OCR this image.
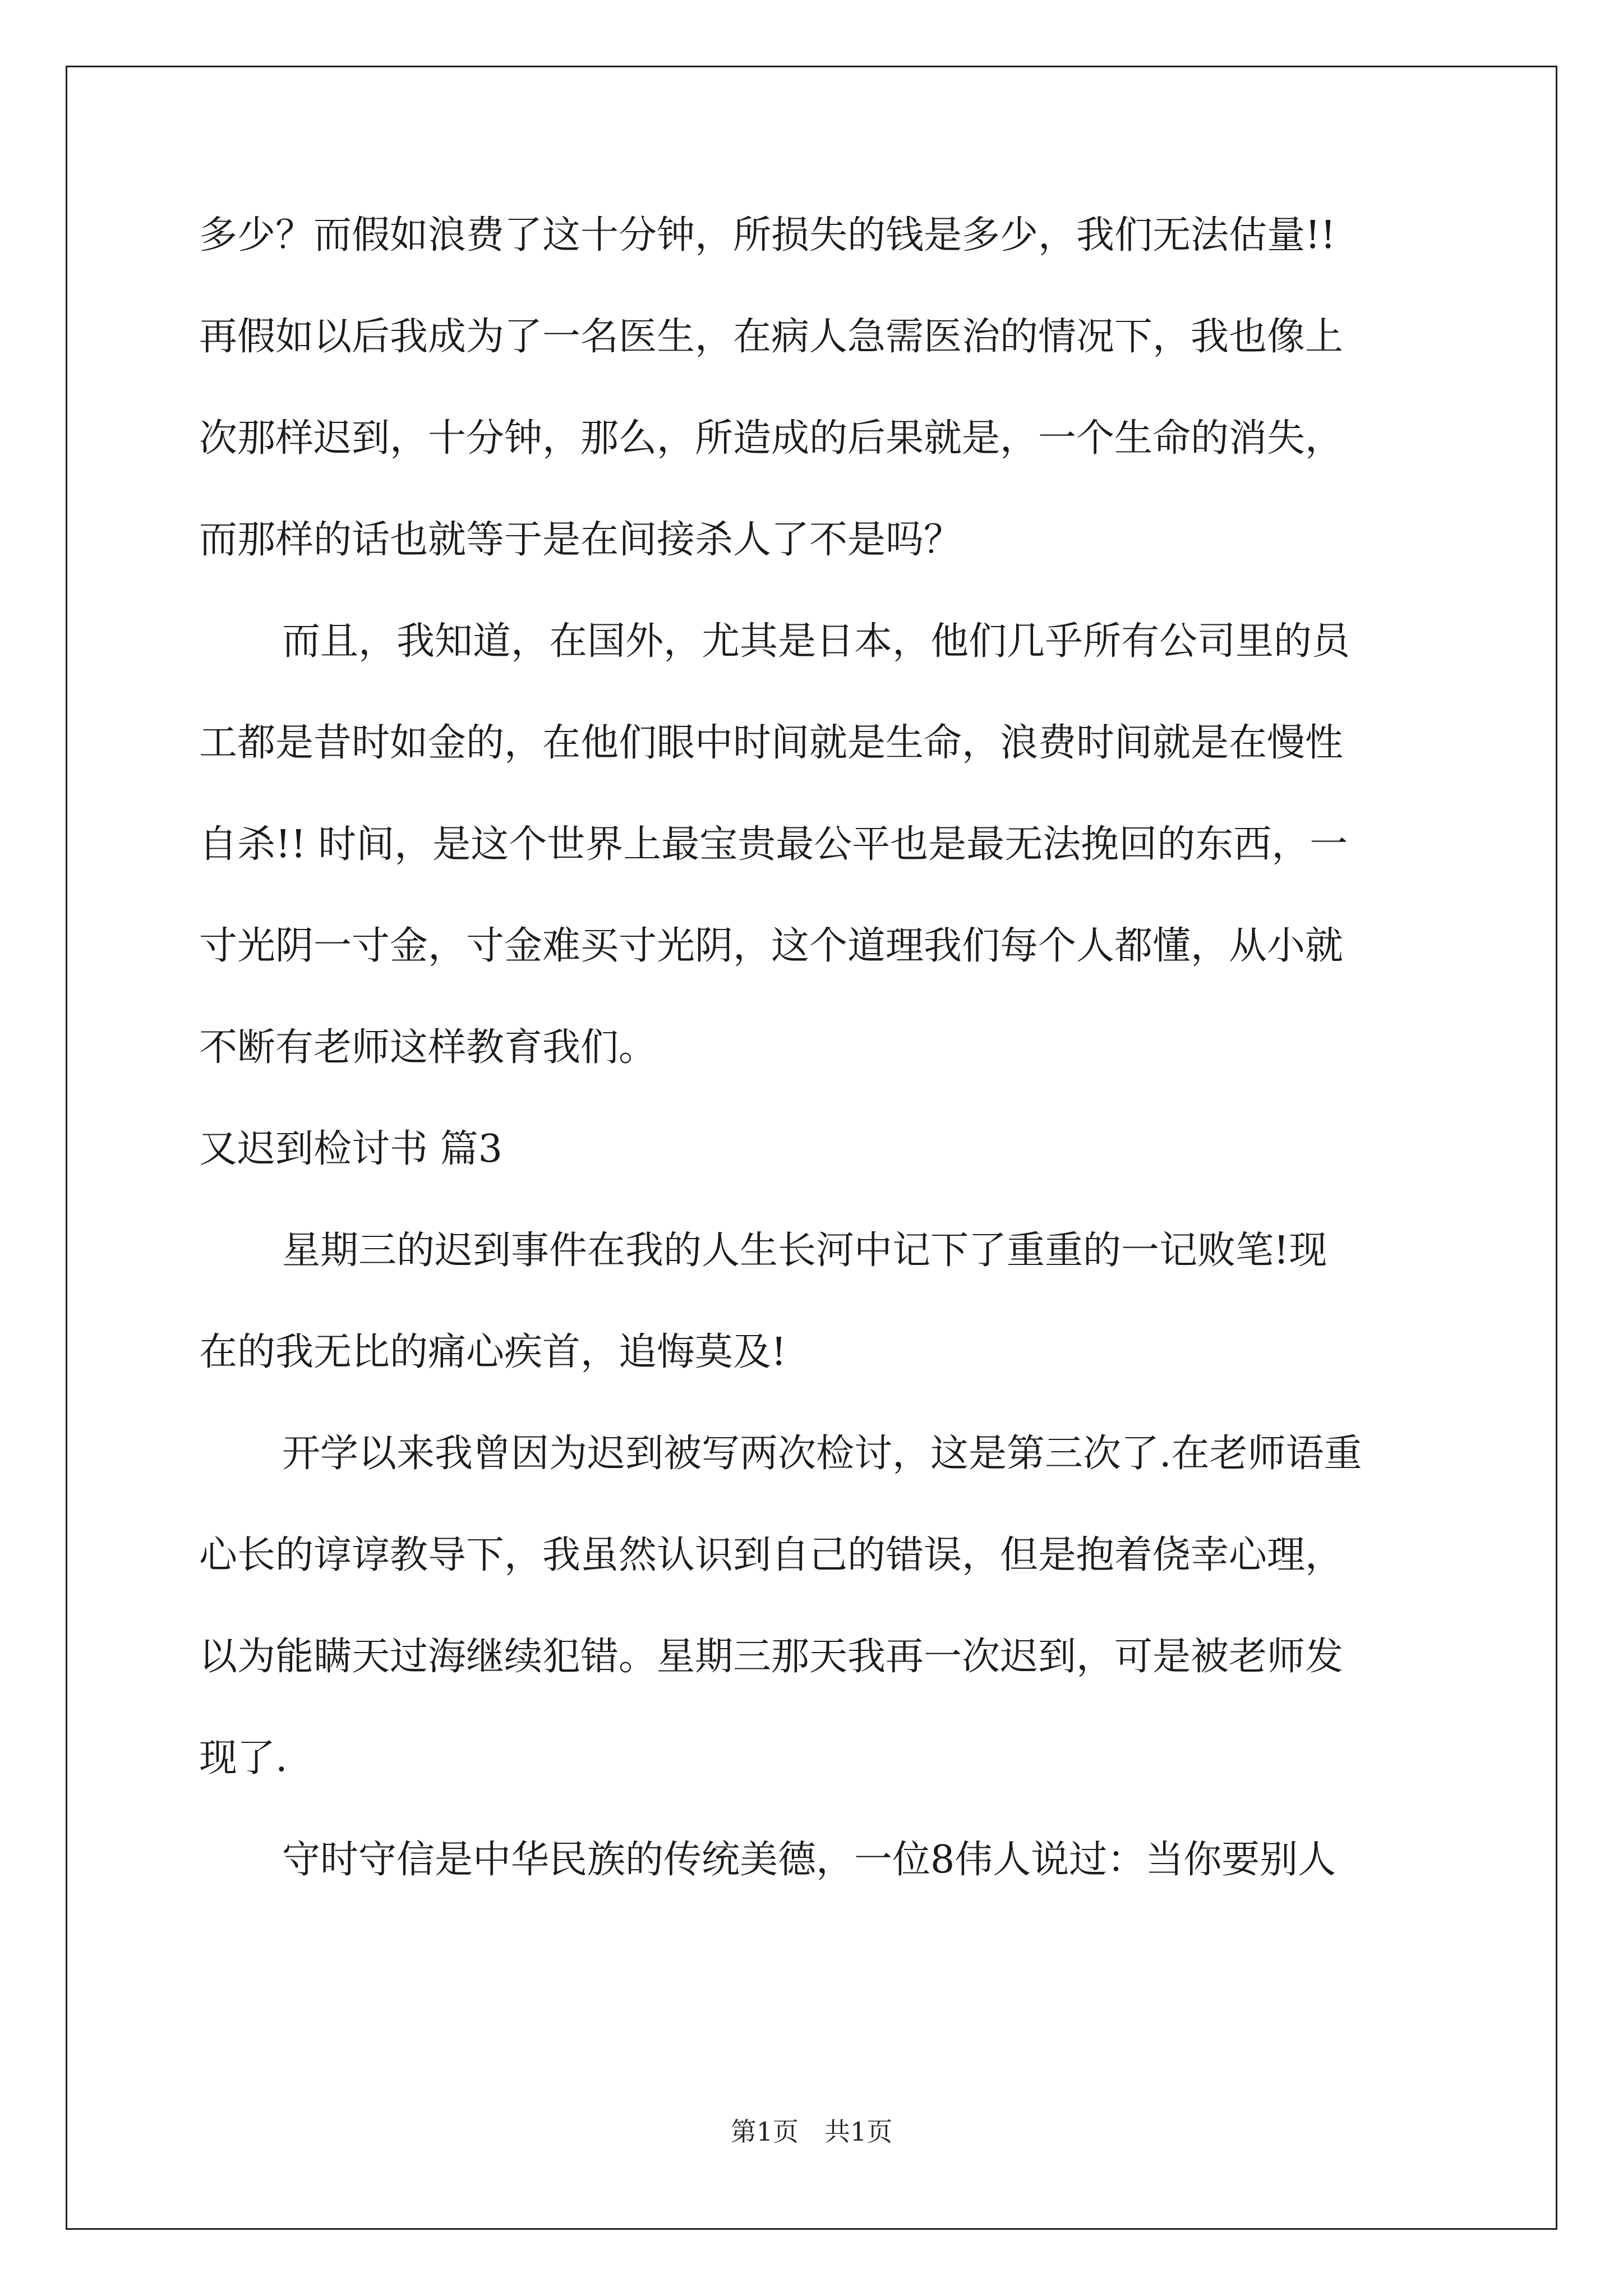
多少？而假如浪费了这十分钟，所损失的钱是多少，我们无法估量!!
再假如以后我成为了一名医生，在病人急需医治的情况下，我也像上
次那样迟到，十分钟，那么，所造成的后果就是，一个生命的消失，
而那样的话也就等于是在间接杀人了不是吗？
而且，我知道，在国外，尤其是日本，他们几乎所有公司里的员
工都是昔时如金的，在他们眼中时间就是生命，浪费时间就是在慢性
自杀!! 时间，是这个世界上最宝贵最公平也是最无法挽回的东西，一
寸光阴一寸金，寸金难买寸光阴，这个道理我们每个人都懂，从小就
不断有老师这样教育我们。
又迟到检讨书 篇3
星期三的迟到事件在我的人生长河中记下了重重的一记败笔!现
在的我无比的痛心疾首，追悔莫及!
开学以来我曾因为迟到被写两次检讨，这是第三次了.在老师语重
心长的谆谆教导下，我虽然认识到自己的错误，但是抱着侥幸心理，
以为能瞒天过海继续犯错。星期三那天我再一次迟到，可是被老师发
现了.
守时守信是中华民族的传统美德，一位8伟人说过：当你要别人
第1页　共1页
